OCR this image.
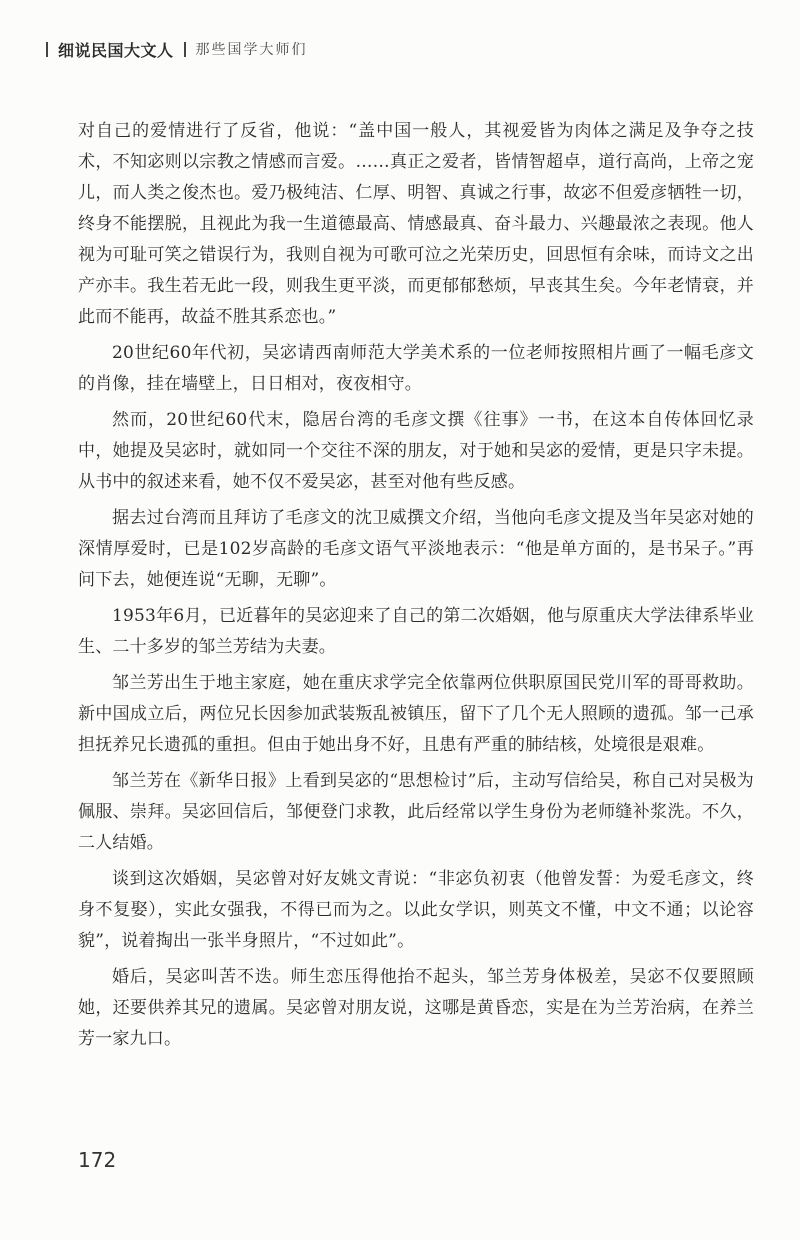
细说民国大文人 那些国学大师们

对自己的爱情进行了反省，他说：“盖中国一般人，其视爱皆为肉体之满足及争夺之技术，不知宓则以宗教之情感而言爱。……真正之爱者，皆情智超卓，道行高尚，上帝之宠儿，而人类之俊杰也。爱乃极纯洁、仁厚、明智、真诚之行事，故宓不但爱彦牺牲一切，终身不能摆脱，且视此为我一生道德最高、情感最真、奋斗最力、兴趣最浓之表现。他人视为可耻可笑之错误行为，我则自视为可歌可泣之光荣历史，回思恒有余味，而诗文之出产亦丰。我生若无此一段，则我生更平淡，而更郁郁愁烦，早丧其生矣。今年老情衰，并此而不能再，故益不胜其系恋也。”

20世纪60年代初，吴宓请西南师范大学美术系的一位老师按照相片画了一幅毛彦文的肖像，挂在墙壁上，日日相对，夜夜相守。

然而，20世纪60代末，隐居台湾的毛彦文撰《往事》一书，在这本自传体回忆录中，她提及吴宓时，就如同一个交往不深的朋友，对于她和吴宓的爱情，更是只字未提。从书中的叙述来看，她不仅不爱吴宓，甚至对他有些反感。

据去过台湾而且拜访了毛彦文的沈卫威撰文介绍，当他向毛彦文提及当年吴宓对她的深情厚爱时，已是102岁高龄的毛彦文语气平淡地表示：“他是单方面的，是书呆子。”再问下去，她便连说“无聊，无聊”。

1953年6月，已近暮年的吴宓迎来了自己的第二次婚姻，他与原重庆大学法律系毕业生、二十多岁的邹兰芳结为夫妻。

邹兰芳出生于地主家庭，她在重庆求学完全依靠两位供职原国民党川军的哥哥救助。新中国成立后，两位兄长因参加武装叛乱被镇压，留下了几个无人照顾的遗孤。邹一己承担抚养兄长遗孤的重担。但由于她出身不好，且患有严重的肺结核，处境很是艰难。

邹兰芳在《新华日报》上看到吴宓的“思想检讨”后，主动写信给吴，称自己对吴极为佩服、崇拜。吴宓回信后，邹便登门求教，此后经常以学生身份为老师缝补浆洗。不久，二人结婚。

谈到这次婚姻，吴宓曾对好友姚文青说：“非宓负初衷（他曾发誓：为爱毛彦文，终身不复娶），实此女强我，不得已而为之。以此女学识，则英文不懂，中文不通；以论容貌”，说着掏出一张半身照片，“不过如此”。

婚后，吴宓叫苦不迭。师生恋压得他抬不起头，邹兰芳身体极差，吴宓不仅要照顾她，还要供养其兄的遗属。吴宓曾对朋友说，这哪是黄昏恋，实是在为兰芳治病，在养兰芳一家九口。

172
